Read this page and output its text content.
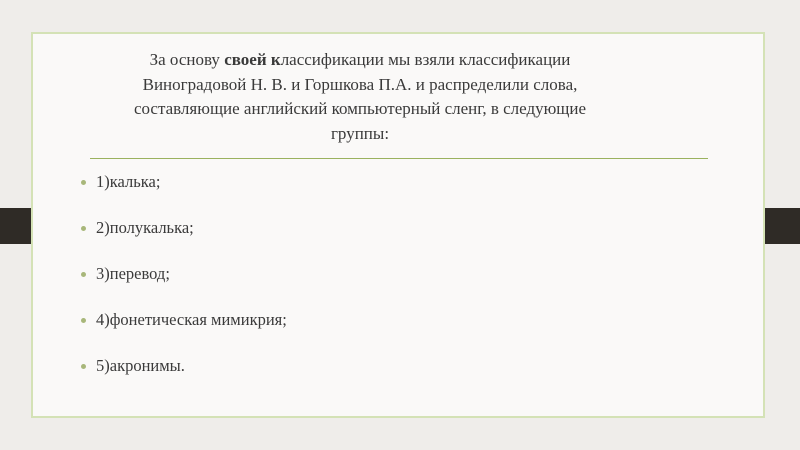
За основу своей классификации мы взяли классификации
Виноградовой Н. В. и Горшкова П.А. и распределили слова,
составляющие английский компьютерный сленг, в следующие
группы:
1)калька;
2)полукалька;
3)перевод;
4)фонетическая мимикрия;
5)акронимы.
